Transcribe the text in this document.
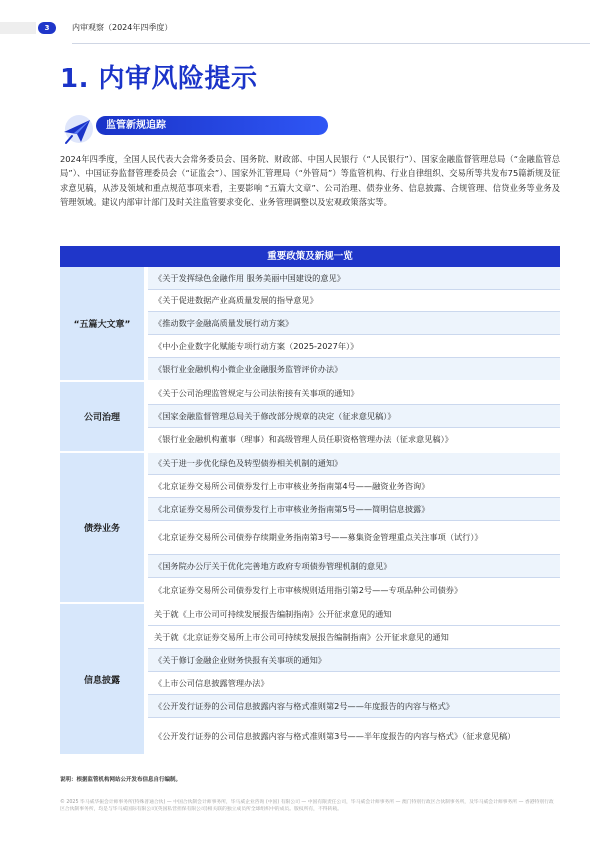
3	内审观察（2024年四季度）
1. 内审风险提示
监管新规追踪

2024年四季度，全国人民代表大会常务委员会、国务院、财政部、中国人民银行（“人民银行”）、国家金融监督管理总局（“金融监管总局”）、中国证券监督管理委员会（“证监会”）、国家外汇管理局（“外管局”）等监管机构、行业自律组织、交易所等共发布75篇新规及征求意见稿，从涉及领域和重点规范事项来看，主要影响 “五篇大文章”、公司治理、债券业务、信息披露、合规管理、信贷业务等业务及管理领域。建议内部审计部门及时关注监管要求变化、业务管理调整以及宏观政策落实等。

重要政策及新规一览
“五篇大文章”
《关于发挥绿色金融作用 服务美丽中国建设的意见》
《关于促进数据产业高质量发展的指导意见》
《推动数字金融高质量发展行动方案》
《中小企业数字化赋能专项行动方案（2025-2027年）》
《银行业金融机构小微企业金融服务监管评价办法》
公司治理
《关于公司治理监管规定与公司法衔接有关事项的通知》
《国家金融监督管理总局关于修改部分规章的决定（征求意见稿）》
《银行业金融机构董事（理事）和高级管理人员任职资格管理办法（征求意见稿）》
债券业务
《关于进一步优化绿色及转型债券相关机制的通知》
《北京证券交易所公司债券发行上市审核业务指南第4号——融资业务咨询》
《北京证券交易所公司债券发行上市审核业务指南第5号——简明信息披露》
《北京证券交易所公司债券存续期业务指南第3号——募集资金管理重点关注事项（试行）》
《国务院办公厅关于优化完善地方政府专项债券管理机制的意见》
《北京证券交易所公司债券发行上市审核规则适用指引第2号——专项品种公司债券》
信息披露
关于就《上市公司可持续发展报告编制指南》公开征求意见的通知
关于就《北京证券交易所上市公司可持续发展报告编制指南》公开征求意见的通知
《关于修订金融企业财务快报有关事项的通知》
《上市公司信息披露管理办法》
《公开发行证券的公司信息披露内容与格式准则第2号——年度报告的内容与格式》
《公开发行证券的公司信息披露内容与格式准则第3号——半年度报告的内容与格式》（征求意见稿）
说明：根据监管机构网站公开发布信息自行编制。
© 2025 毕马威华振会计师事务所(特殊普通合伙) — 中国合伙制会计师事务所，毕马威企业咨询 (中国) 有限公司 — 中国有限责任公司，毕马威会计师事务所 — 澳门特别行政区合伙制事务所，及毕马威会计师事务所 — 香港特别行政区合伙制事务所，均是与毕马威国际有限公司(英国私营担保有限公司)相关联的独立成员所全球组织中的成员。版权所有，不得转载。
